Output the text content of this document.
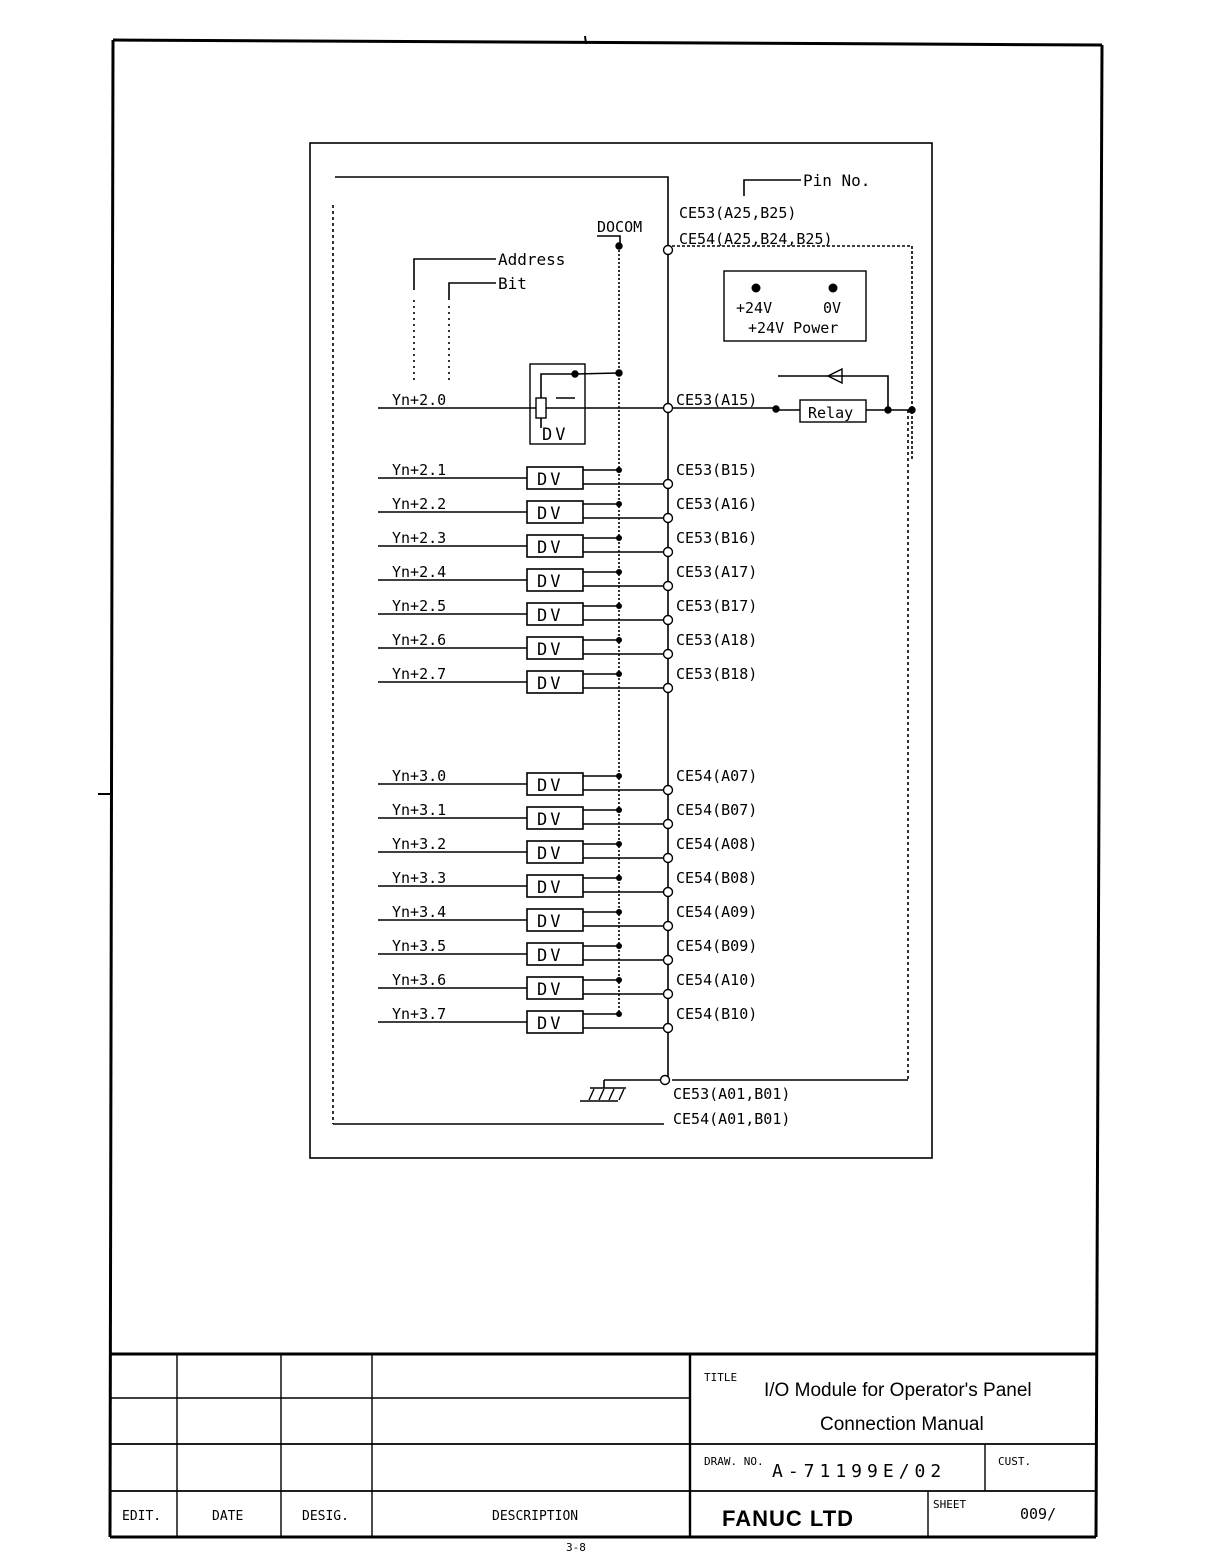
Yn+2.0	CE53(A15)
DV
Yn+2.1	CE53(B15)
DV
Yn+2.2	CE53(A16)
DV
Yn+2.3	CE53(B16)
DV
Yn+2.4	CE53(A17)
DV
Yn+2.5	CE53(B17)
DV
Yn+2.6	CE53(A18)
DV
Yn+2.7	CE53(B18)
DV
Yn+3.0	CE54(A07)
DV
Yn+3.1	CE54(B07)
DV
Yn+3.2	CE54(A08)
DV
Yn+3.3	CE54(B08)
DV
Yn+3.4	CE54(A09)
DV
Yn+3.5	CE54(B09)
DV
Yn+3.6	CE54(A10)
DV
Yn+3.7	CE54(B10)
DV
Pin No.
CE53(A25,B25)
CE54(A25,B24,B25)
DOCOM
Address
Bit
+24V	0V
+24V Power
Relay
CE53(A01,B01)
CE54(A01,B01)
TITLE
I/O Module for Operator's Panel
Connection Manual
DRAW. NO. A-71199E/02	CUST.
FANUC LTD
SHEET
009/
EDIT.	DATE	DESIG.	DESCRIPTION
3-8
